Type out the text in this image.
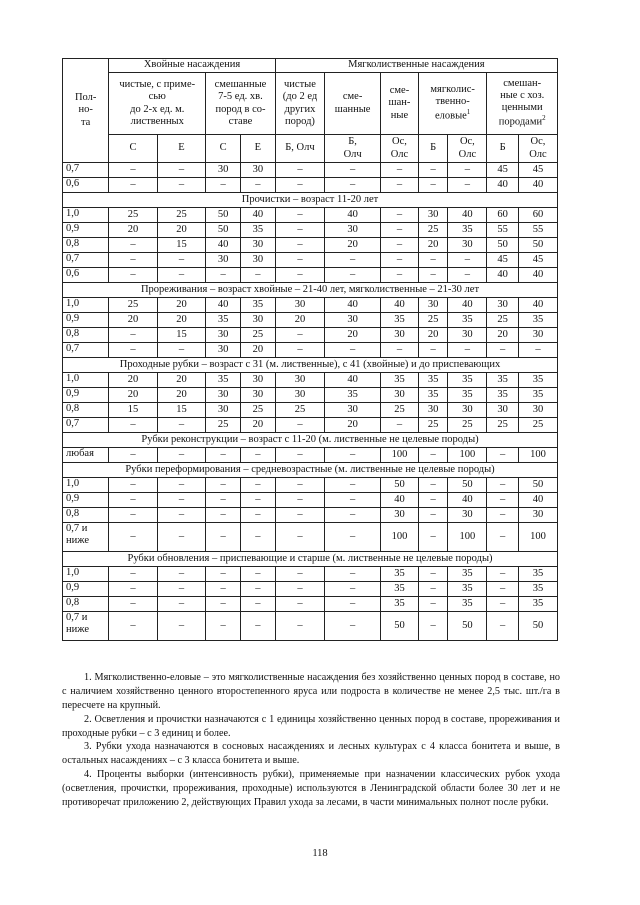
Пол-
но-
та	Хвойные насаждения				Мягколиственные насаждения						
	чистые, с приме-
сью
до 2-х ед. м.
лиственных		смешанные
7-5 ед. хв.
пород в со-
ставе		чистые
(до 2 ед
других
пород)	сме-
шанные	сме-
шан-
ные	мягколис-
твенно-
еловые$^1$		смешан-
ные с хоз.
ценными
породами$^2$
	С	Е	С	Е	Б, Олч	Б,
Олч	Ос,
Олс	Б	Ос,
Олс	Б	Ос,
Олс
0,7	–	–	30	30	–	–	–	–	–	45	45
0,6	–	–	–	–	–	–	–	–	–	40	40
Прочистки – возраст 11-20 лет											
1,0	25	25	50	40	–	40	–	30	40	60	60
0,9	20	20	50	35	–	30	–	25	35	55	55
0,8	–	15	40	30	–	20	–	20	30	50	50
0,7	–	–	30	30	–	–	–	–	–	45	45
0,6	–	–	–	–	–	–	–	–	–	40	40
Прореживания – возраст хвойные – 21-40 лет, мягколиственные – 21-30 лет											
1,0	25	20	40	35	30	40	40	30	40	30	40
0,9	20	20	35	30	20	30	35	25	35	25	35
0,8	–	15	30	25	–	20	30	20	30	20	30
0,7	–	–	30	20	–	–	–	–	–	–	–
Проходные рубки – возраст с 31 (м. лиственные), с 41 (хвойные) и до приспевающих											
1,0	20	20	35	30	30	40	35	35	35	35	35
0,9	20	20	30	30	30	35	30	35	35	35	35
0,8	15	15	30	25	25	30	25	30	30	30	30
0,7	–	–	25	20	–	20	–	25	25	25	25
Рубки реконструкции – возраст с 11-20 (м. лиственные не целевые породы)											
любая	–	–	–	–	–	–	100	–	100	–	100
Рубки переформирования – средневозрастные (м. лиственные не целевые породы)											
1,0	–	–	–	–	–	–	50	–	50	–	50
0,9	–	–	–	–	–	–	40	–	40	–	40
0,8	–	–	–	–	–	–	30	–	30	–	30
0,7 и
ниже	–	–	–	–	–	–	100	–	100	–	100
Рубки обновления – приспевающие и старше (м. лиственные не целевые породы)											
1,0	–	–	–	–	–	–	35	–	35	–	35
0,9	–	–	–	–	–	–	35	–	35	–	35
0,8	–	–	–	–	–	–	35	–	35	–	35
0,7 и
ниже	–	–	–	–	–	–	50	–	50	–	50

1. Мягколиственно-еловые – это мягколиственные насаждения без хозяйственно ценных пород в составе, но с наличием хозяйственно ценного второстепенного яруса или подроста в количестве не менее 2,5 тыс. шт./га в пересчете на крупный.

2. Осветления и прочистки назначаются с 1 единицы хозяйственно ценных пород в составе, прореживания и проходные рубки – с 3 единиц и более.

3. Рубки ухода назначаются в сосновых насаждениях и лесных культурах с 4 класса бонитета и выше, в остальных насаждениях – с 3 класса бонитета и выше.

4. Проценты выборки (интенсивность рубки), применяемые при назначении классических рубок ухода (осветления, прочистки, прореживания, проходные) используются в Ленинградской области более 30 лет и не противоречат приложению 2, действующих Правил ухода за лесами, в части минимальных полнот после рубки.

118
